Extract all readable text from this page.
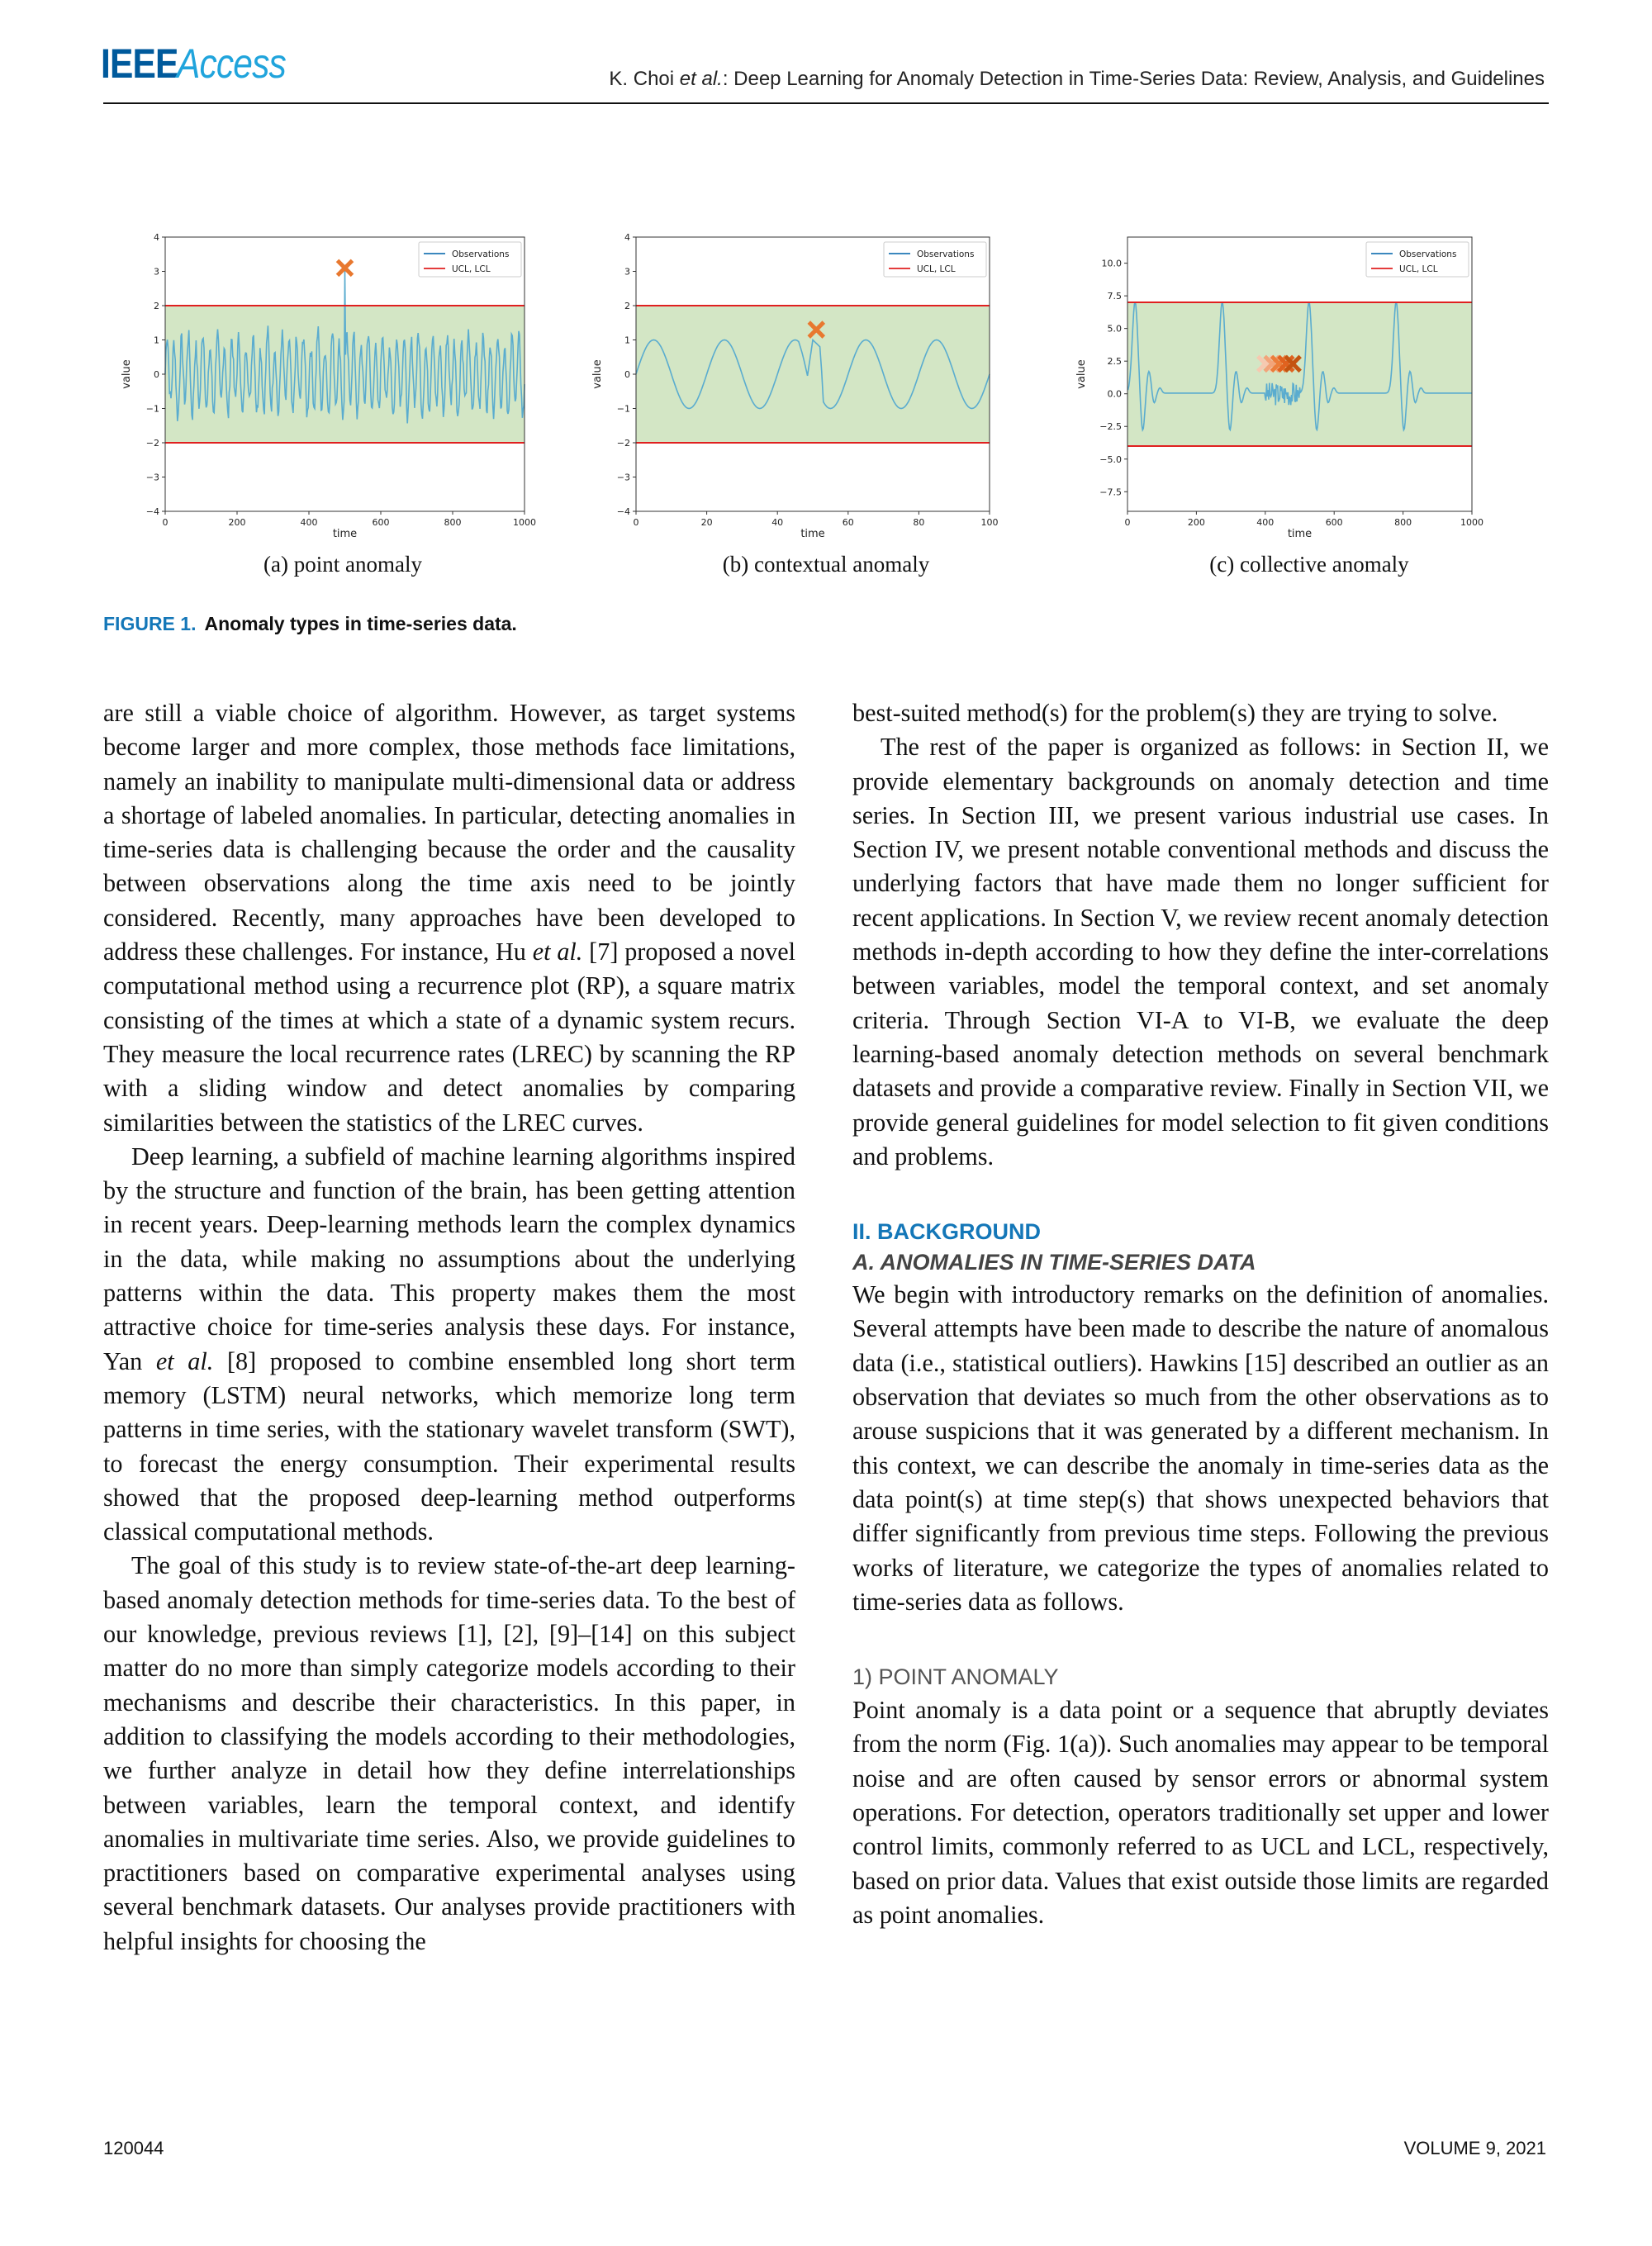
IEEEAccess	K. Choi et al.: Deep Learning for Anomaly Detection in Time-Series Data: Review, Analysis, and Guidelines
−4
−3
−2
−1
0
1
2
3
4
0	200	400	600	800	1000
time
value
Observations
UCL, LCL
−4
−3
−2
−1
0
1
2
3
4
0	20	40	60	80	100
time
value
Observations
UCL, LCL
−7.5
−5.0
−2.5
0.0
2.5
5.0
7.5
10.0
0	200	400	600	800	1000
time
value
Observations
UCL, LCL
(a) point anomaly	(b) contextual anomaly	(c) collective anomaly
FIGURE 1. Anomaly types in time-series data.

are still a viable choice of algorithm. However, as target systems become larger and more complex, those methods face limitations, namely an inability to manipulate multi-dimensional data or address a shortage of labeled anomalies. In particular, detecting anomalies in time-series data is challenging because the order and the causality between observations along the time axis need to be jointly considered. Recently, many approaches have been developed to address these challenges. For instance, Hu et al. [7] proposed a novel computational method using a recurrence plot (RP), a square matrix consisting of the times at which a state of a dynamic system recurs. They measure the local recurrence rates (LREC) by scanning the RP with a sliding window and detect anomalies by comparing similarities between the statistics of the LREC curves.

Deep learning, a subfield of machine learning algorithms inspired by the structure and function of the brain, has been getting attention in recent years. Deep-learning methods learn the complex dynamics in the data, while making no assumptions about the underlying patterns within the data. This property makes them the most attractive choice for time-series analysis these days. For instance, Yan et al. [8] proposed to combine ensembled long short term memory (LSTM) neural networks, which memorize long term patterns in time series, with the stationary wavelet transform (SWT), to forecast the energy consumption. Their experimental results showed that the proposed deep-learning method outperforms classical computational methods.

The goal of this study is to review state-of-the-art deep learning-based anomaly detection methods for time-series data. To the best of our knowledge, previous reviews [1], [2], [9]–[14] on this subject matter do no more than simply categorize models according to their mechanisms and describe their characteristics. In this paper, in addition to classifying the models according to their methodologies, we further analyze in detail how they define interrelationships between variables, learn the temporal context, and identify anomalies in multivariate time series. Also, we provide guidelines to practitioners based on comparative experimental analyses using several benchmark datasets. Our analyses provide practitioners with helpful insights for choosing the

best-suited method(s) for the problem(s) they are trying to solve.

The rest of the paper is organized as follows: in Section II, we provide elementary backgrounds on anomaly detection and time series. In Section III, we present various industrial use cases. In Section IV, we present notable conventional methods and discuss the underlying factors that have made them no longer sufficient for recent applications. In Section V, we review recent anomaly detection methods in-depth according to how they define the inter-correlations between variables, model the temporal context, and set anomaly criteria. Through Section VI-A to VI-B, we evaluate the deep learning-based anomaly detection methods on several benchmark datasets and provide a comparative review. Finally in Section VII, we provide general guidelines for model selection to fit given conditions and problems.

II. BACKGROUND
A. ANOMALIES IN TIME-SERIES DATA

We begin with introductory remarks on the definition of anomalies. Several attempts have been made to describe the nature of anomalous data (i.e., statistical outliers). Hawkins [15] described an outlier as an observation that deviates so much from the other observations as to arouse suspicions that it was generated by a different mechanism. In this context, we can describe the anomaly in time-series data as the data point(s) at time step(s) that shows unexpected behaviors that differ significantly from previous time steps. Following the previous works of literature, we categorize the types of anomalies related to time-series data as follows.

1) POINT ANOMALY

Point anomaly is a data point or a sequence that abruptly deviates from the norm (Fig. 1(a)). Such anomalies may appear to be temporal noise and are often caused by sensor errors or abnormal system operations. For detection, operators traditionally set upper and lower control limits, commonly referred to as UCL and LCL, respectively, based on prior data. Values that exist outside those limits are regarded as point anomalies.

120044	VOLUME 9, 2021
